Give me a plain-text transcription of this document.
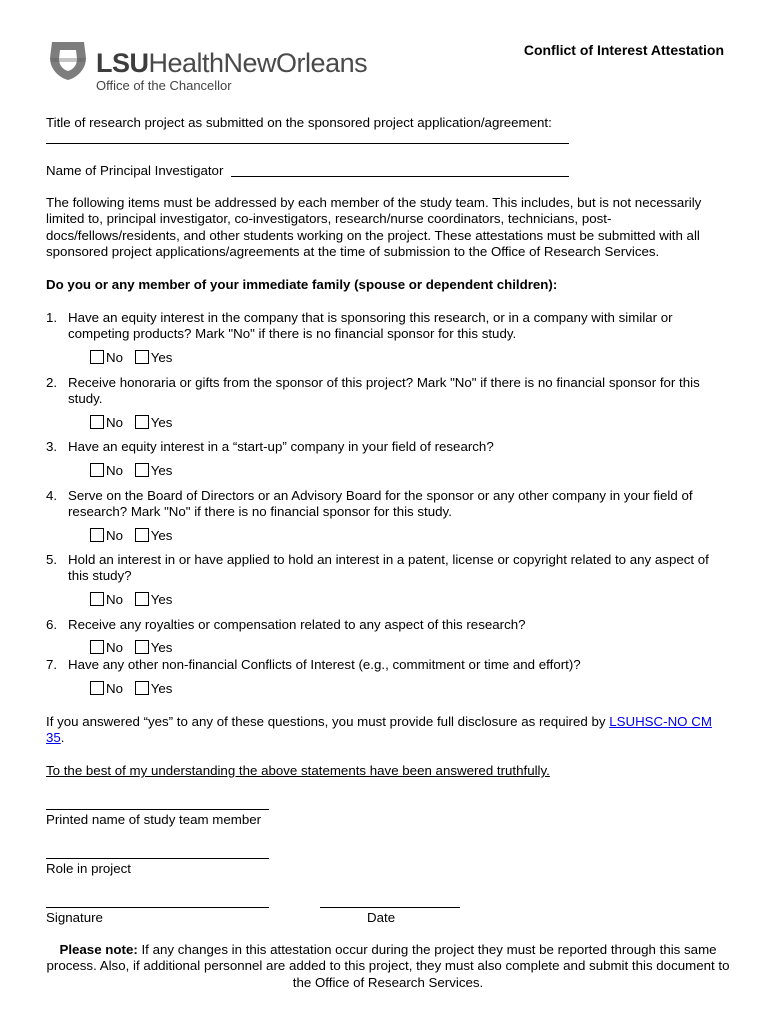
LSUHealthNewOrleans
Office of the Chancellor
Conflict of Interest Attestation
Title of research project as submitted on the sponsored project application/agreement:
Name of Principal Investigator
The following items must be addressed by each member of the study team. This includes, but is not necessarily limited to, principal investigator, co-investigators, research/nurse coordinators, technicians, post-docs/fellows/residents, and other students working on the project. These attestations must be submitted with all sponsored project applications/agreements at the time of submission to the Office of Research Services.
Do you or any member of your immediate family (spouse or dependent children):
1. Have an equity interest in the company that is sponsoring this research, or in a company with similar or competing products? Mark "No" if there is no financial sponsor for this study.
No Yes
2. Receive honoraria or gifts from the sponsor of this project? Mark "No" if there is no financial sponsor for this study.
No Yes
3. Have an equity interest in a “start-up” company in your field of research?
No Yes
4. Serve on the Board of Directors or an Advisory Board for the sponsor or any other company in your field of research? Mark "No" if there is no financial sponsor for this study.
No Yes
5. Hold an interest in or have applied to hold an interest in a patent, license or copyright related to any aspect of this study?
No Yes
6. Receive any royalties or compensation related to any aspect of this research?
No Yes
7. Have any other non-financial Conflicts of Interest (e.g., commitment or time and effort)?
No Yes
If you answered “yes” to any of these questions, you must provide full disclosure as required by LSUHSC-NO CM 35.
To the best of my understanding the above statements have been answered truthfully.
Printed name of study team member
Role in project
Signature	Date
Please note: If any changes in this attestation occur during the project they must be reported through this same process. Also, if additional personnel are added to this project, they must also complete and submit this document to the Office of Research Services.
